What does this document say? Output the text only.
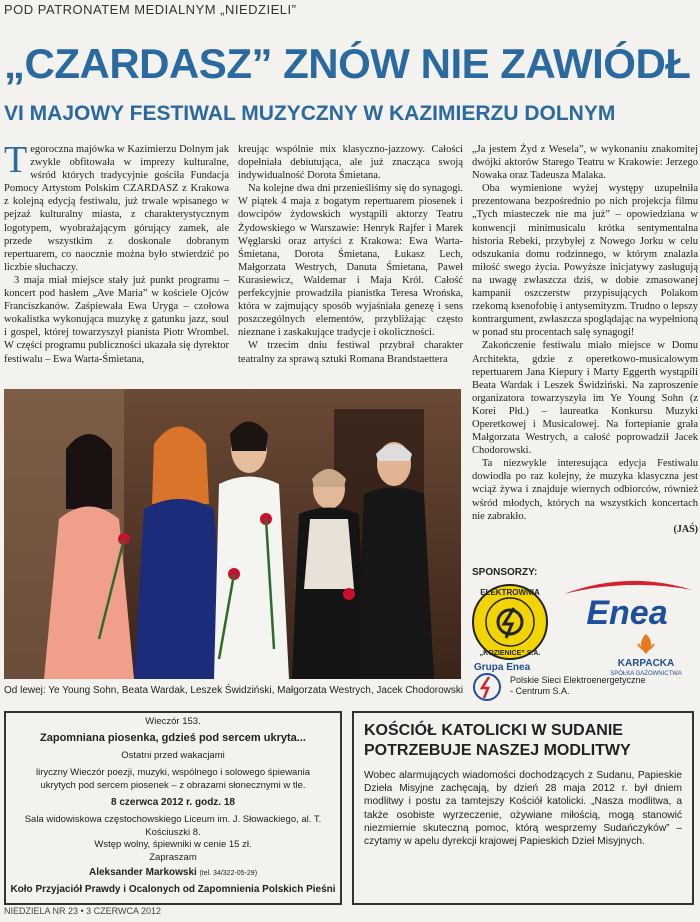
POD PATRONATEM MEDIALNYM „NIEDZIELI”
„CZARDASZ” ZNÓW NIE ZAWIÓDŁ
VI MAJOWY FESTIWAL MUZYCZNY W KAZIMIERZU DOLNYM

Tegoroczna majówka w Kazimierzu Dolnym jak zwykle obfitowała w imprezy kulturalne, wśród których tradycyjnie gościła Fundacja Pomocy Artystom Polskim CZARDASZ z Krakowa z kolejną edycją festiwalu, już trwale wpisanego w pejzaż kulturalny miasta, z charakterystycznym logotypem, wyobrażającym górujący zamek, ale przede wszystkim z doskonale dobranym repertuarem, co naocznie można było stwierdzić po liczbie słuchaczy.

3 maja miał miejsce stały już punkt programu – koncert pod hasłem „Ave Maria” w kościele Ojców Franciszkanów. Zaśpiewała Ewa Uryga – czołowa wokalistka wykonująca muzykę z gatunku jazz, soul i gospel, której towarzyszył pianista Piotr Wrombel. W części programu publiczności ukazała się dyrektor festiwalu – Ewa Warta-Śmietana,

kreując wspólnie mix klasyczno-jazzowy. Całości dopełniała debiutująca, ale już znacząca swoją indywidualność Dorota Śmietana.

Na kolejne dwa dni przenieśliśmy się do synagogi. W piątek 4 maja z bogatym repertuarem piosenek i dowcipów żydowskich wystąpili aktorzy Teatru Żydowskiego w Warszawie: Henryk Rajfer i Marek Węglarski oraz artyści z Krakowa: Ewa Warta-Śmietana, Dorota Śmietana, Łukasz Lech, Małgorzata Westrych, Danuta Śmietana, Paweł Kurasiewicz, Waldemar i Maja Król. Całość perfekcyjnie prowadziła pianistka Teresa Wrońska, która w zajmujący sposób wyjaśniała genezę i sens poszczególnych elementów, przybliżając często nieznane i zaskakujące tradycje i okoliczności.

W trzecim dniu festiwal przybrał charakter teatralny za sprawą sztuki Romana Brandstaettera

„Ja jestem Żyd z Wesela”, w wykonaniu znakomitej dwójki aktorów Starego Teatru w Krakowie: Jerzego Nowaka oraz Tadeusza Malaka.

Oba wymienione wyżej występy uzupełniła prezentowana bezpośrednio po nich projekcja filmu „Tych miasteczek nie ma już” – opowiedziana w konwencji minimusicalu krótka sentymentalna historia Rebeki, przybyłej z Nowego Jorku w celu odszukania domu rodzinnego, w którym znalazła miłość swego życia. Powyższe inicjatywy zasługują na uwagę zwłaszcza dziś, w dobie zmasowanej kampanii oszczerstw przypisujących Polakom rzekomą ksenofobię i antysemityzm. Trudno o lepszy kontrargument, zwłaszcza spoglądając na wypełnioną w ponad stu procentach salę synagogi!

Zakończenie festiwalu miało miejsce w Domu Architekta, gdzie z operetkowo-musicalowym repertuarem Jana Kiepury i Marty Eggerth wystąpili Beata Wardak i Leszek Świdziński. Na zaproszenie organizatora towarzyszyła im Ye Young Sohn (z Korei Płd.) – laureatka Konkursu Muzyki Operetkowej i Musicalowej. Na fortepianie grała Małgorzata Westrych, a całość poprowadził Jacek Chodorowski.

Ta niezwykle interesująca edycja Festiwalu dowiodła po raz kolejny, że muzyka klasyczna jest wciąż żywa i znajduje wiernych odbiorców, również wśród młodych, których na wszystkich koncertach nie zabrakło.

(JAŚ)
Od lewej: Ye Young Sohn, Beata Wardak, Leszek Świdziński, Małgorzata Westrych, Jacek Chodorowski
SPONSORZY:
ELEKTROWNIA
„KOZIENICE” S.A.
Grupa Enea
Enea
KARPACKA
SPÓŁKA GAZOWNICTWA
Polskie Sieci Elektroenergetyczne
- Centrum S.A.
Wieczór 153.
Zapomniana piosenka, gdzieś pod sercem ukryta...
Ostatni przed wakacjami
liryczny Wieczór poezji, muzyki, wspólnego i solowego śpiewania
ukrytych pod sercem piosenek – z obrazami słonecznymi w tle.
8 czerwca 2012 r. godz. 18
Sala widowiskowa częstochowskiego Liceum im. J. Słowackiego, al. T. Kościuszki 8.
Wstęp wolny, śpiewniki w cenie 15 zł.
Zapraszam
Aleksander Markowski (tel. 34/322-05-29)
Koło Przyjaciół Prawdy i Ocalonych od Zapomnienia Polskich Pieśni
KOŚCIÓŁ KATOLICKI W SUDANIE
POTRZEBUJE NASZEJ MODLITWY
Wobec alarmujących wiadomości dochodzących z Sudanu, Papieskie Dzieła Misyjne zachęcają, by dzień 28 maja 2012 r. był dniem modlitwy i postu za tamtejszy Kościół katolicki. „Nasza modlitwa, a także osobiste wyrzeczenie, ożywiane miłością, mogą stanowić niezmiernie skuteczną pomoc, którą wesprzemy Sudańczyków” – czytamy w apelu dyrekcji krajowej Papieskich Dzieł Misyjnych.
NIEDZIELA NR 23 • 3 CZERWCA 2012
